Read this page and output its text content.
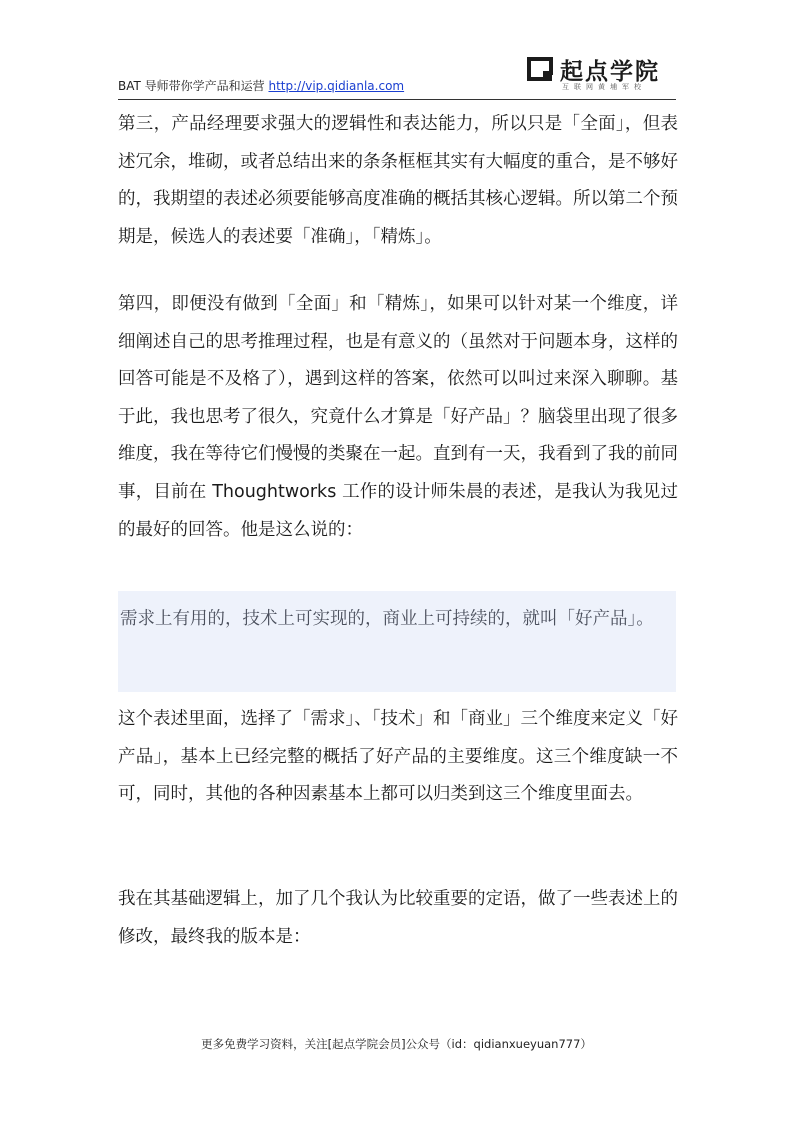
BAT 导师带你学产品和运营 http://vip.qidianla.com
起点学院
互联网黄埔军校

第三，产品经理要求强大的逻辑性和表达能力，所以只是「全面」，但表述冗余，堆砌，或者总结出来的条条框框其实有大幅度的重合，是不够好的，我期望的表述必须要能够高度准确的概括其核心逻辑。所以第二个预期是，候选人的表述要「准确」，「精炼」。

第四，即便没有做到「全面」和「精炼」，如果可以针对某一个维度，详细阐述自己的思考推理过程，也是有意义的（虽然对于问题本身，这样的回答可能是不及格了），遇到这样的答案，依然可以叫过来深入聊聊。基于此，我也思考了很久，究竟什么才算是「好产品」？脑袋里出现了很多维度，我在等待它们慢慢的类聚在一起。直到有一天，我看到了我的前同事，目前在 Thoughtworks 工作的设计师朱晨的表述，是我认为我见过的最好的回答。他是这么说的：

需求上有用的，技术上可实现的，商业上可持续的，就叫「好产品」。

这个表述里面，选择了「需求」、「技术」和「商业」三个维度来定义「好产品」，基本上已经完整的概括了好产品的主要维度。这三个维度缺一不可，同时，其他的各种因素基本上都可以归类到这三个维度里面去。

我在其基础逻辑上，加了几个我认为比较重要的定语，做了一些表述上的修改，最终我的版本是：

更多免费学习资料，关注[起点学院会员]公众号（id：qidianxueyuan777）
